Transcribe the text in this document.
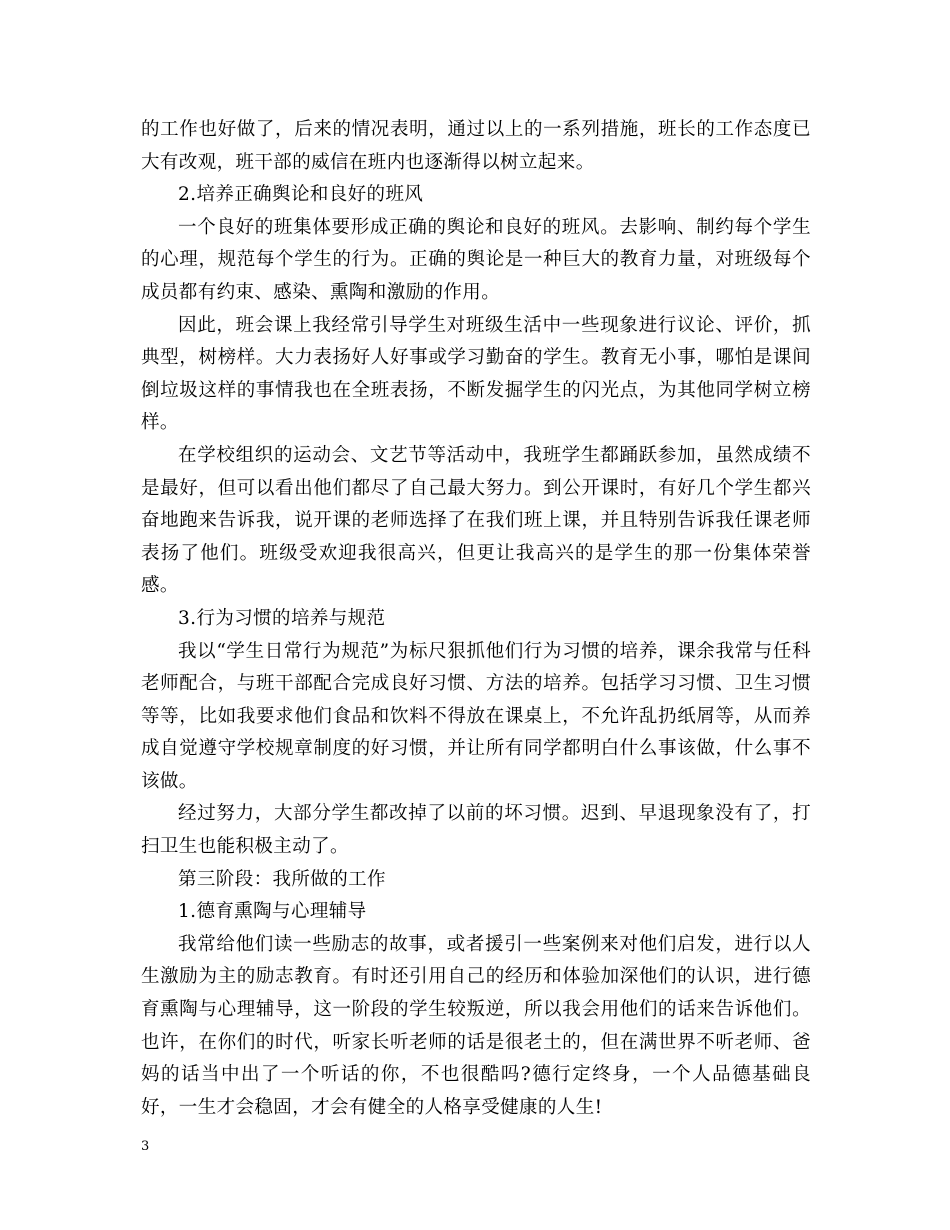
的工作也好做了，后来的情况表明，通过以上的一系列措施，班长的工作态度已大有改观，班干部的威信在班内也逐渐得以树立起来。

2.培养正确舆论和良好的班风

一个良好的班集体要形成正确的舆论和良好的班风。去影响、制约每个学生的心理，规范每个学生的行为。正确的舆论是一种巨大的教育力量，对班级每个成员都有约束、感染、熏陶和激励的作用。

因此，班会课上我经常引导学生对班级生活中一些现象进行议论、评价，抓典型，树榜样。大力表扬好人好事或学习勤奋的学生。教育无小事，哪怕是课间倒垃圾这样的事情我也在全班表扬，不断发掘学生的闪光点，为其他同学树立榜样。

在学校组织的运动会、文艺节等活动中，我班学生都踊跃参加，虽然成绩不是最好，但可以看出他们都尽了自己最大努力。到公开课时，有好几个学生都兴奋地跑来告诉我，说开课的老师选择了在我们班上课，并且特别告诉我任课老师表扬了他们。班级受欢迎我很高兴，但更让我高兴的是学生的那一份集体荣誉感。

3.行为习惯的培养与规范

我以“学生日常行为规范”为标尺狠抓他们行为习惯的培养，课余我常与任科老师配合，与班干部配合完成良好习惯、方法的培养。包括学习习惯、卫生习惯等等，比如我要求他们食品和饮料不得放在课桌上，不允许乱扔纸屑等，从而养成自觉遵守学校规章制度的好习惯，并让所有同学都明白什么事该做，什么事不该做。

经过努力，大部分学生都改掉了以前的坏习惯。迟到、早退现象没有了，打扫卫生也能积极主动了。

第三阶段：我所做的工作

1.德育熏陶与心理辅导

我常给他们读一些励志的故事，或者援引一些案例来对他们启发，进行以人生激励为主的励志教育。有时还引用自己的经历和体验加深他们的认识，进行德育熏陶与心理辅导，这一阶段的学生较叛逆，所以我会用他们的话来告诉他们。也许，在你们的时代，听家长听老师的话是很老土的，但在满世界不听老师、爸妈的话当中出了一个听话的你，不也很酷吗?德行定终身，一个人品德基础良好，一生才会稳固，才会有健全的人格享受健康的人生!

3
